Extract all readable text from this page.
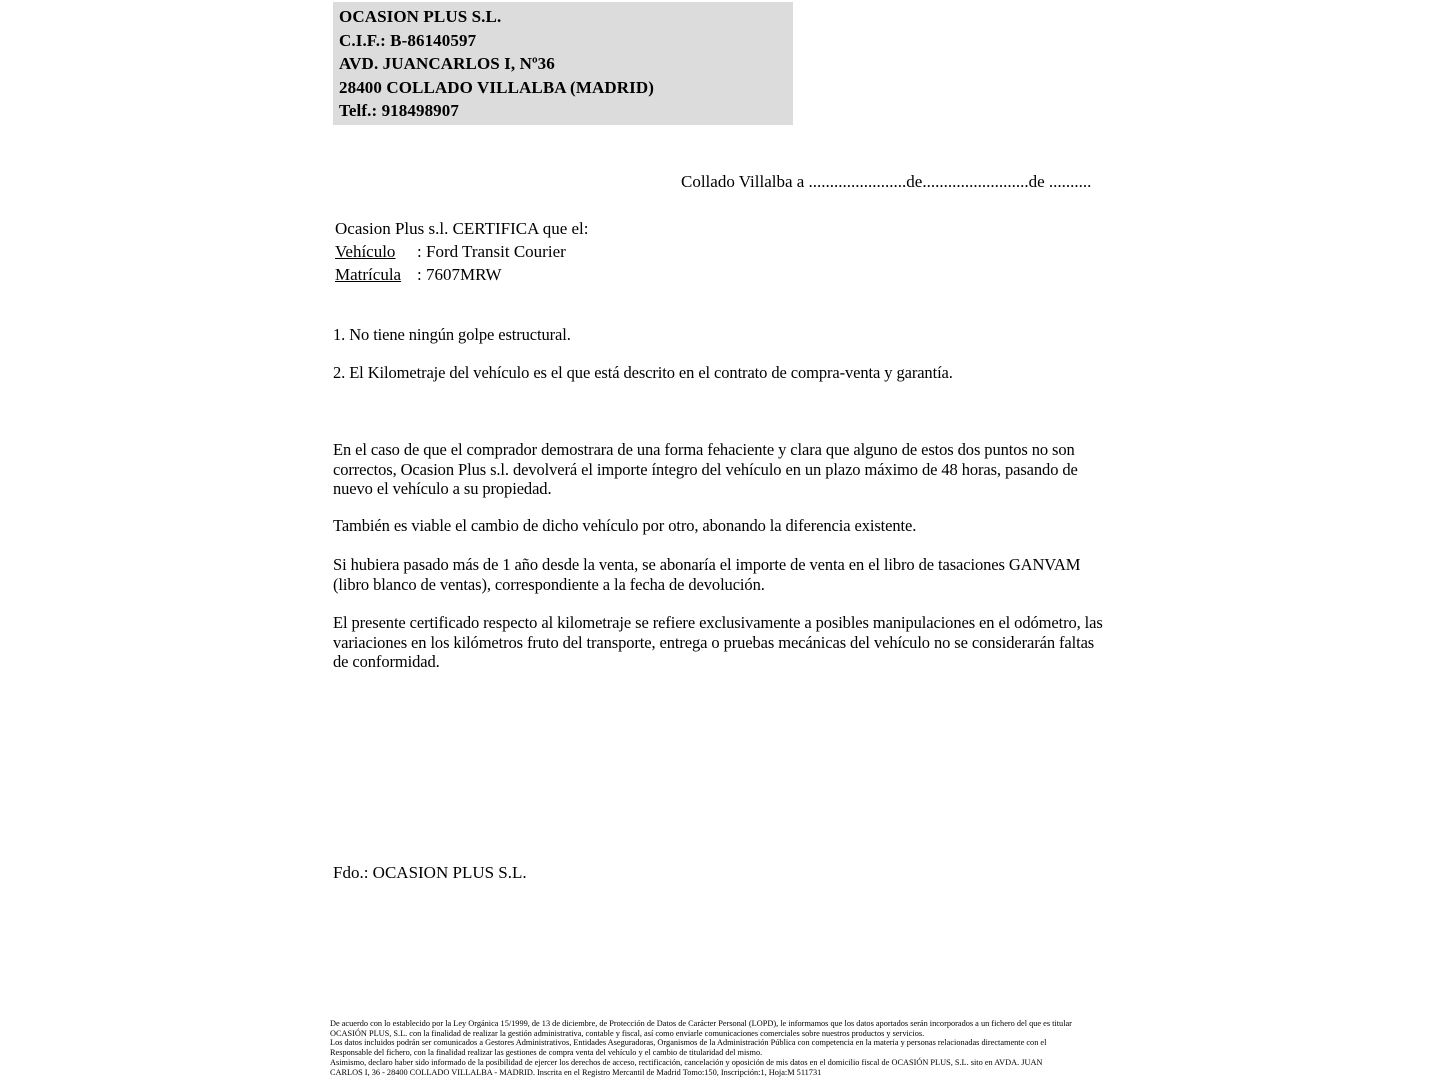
OCASION PLUS S.L.
C.I.F.: B-86140597
AVD. JUANCARLOS I, Nº36
28400 COLLADO VILLALBA (MADRID)
Telf.: 918498907
Collado Villalba a .......................de.........................de ..........
Ocasion Plus s.l. CERTIFICA que el:
Vehículo : Ford Transit Courier
Matrícula : 7607MRW
1. No tiene ningún golpe estructural.
2. El Kilometraje del vehículo es el que está descrito en el contrato de compra-venta y garantía.
En el caso de que el comprador demostrara de una forma fehaciente y clara que alguno de estos dos puntos no son correctos, Ocasion Plus s.l. devolverá el importe íntegro del vehículo en un plazo máximo de 48 horas, pasando de nuevo el vehículo a su propiedad.
También es viable el cambio de dicho vehículo por otro, abonando la diferencia existente.
Si hubiera pasado más de 1 año desde la venta, se abonaría el importe de venta en el libro de tasaciones GANVAM (libro blanco de ventas), correspondiente a la fecha de devolución.
El presente certificado respecto al kilometraje se refiere exclusivamente a posibles manipulaciones en el odómetro, las variaciones en los kilómetros fruto del transporte, entrega o pruebas mecánicas del vehículo no se considerarán faltas de conformidad.
Fdo.: OCASION PLUS S.L.
De acuerdo con lo establecido por la Ley Orgánica 15/1999, de 13 de diciembre, de Protección de Datos de Carácter Personal (LOPD), le informamos que los datos aportados serán incorporados a un fichero del que es titular
OCASIÓN PLUS, S.L. con la finalidad de realizar la gestión administrativa, contable y fiscal, así como enviarle comunicaciones comerciales sobre nuestros productos y servicios.
Los datos incluidos podrán ser comunicados a Gestores Administrativos, Entidades Aseguradoras, Organismos de la Administración Pública con competencia en la materia y personas relacionadas directamente con el
Responsable del fichero, con la finalidad realizar las gestiones de compra venta del vehículo y el cambio de titularidad del mismo.
Asimismo, declaro haber sido informado de la posibilidad de ejercer los derechos de acceso, rectificación, cancelación y oposición de mis datos en el domicilio fiscal de OCASIÓN PLUS, S.L. sito en AVDA. JUAN
CARLOS I, 36 - 28400 COLLADO VILLALBA - MADRID. Inscrita en el Registro Mercantil de Madrid Tomo:150, Inscripción:1, Hoja:M 511731
